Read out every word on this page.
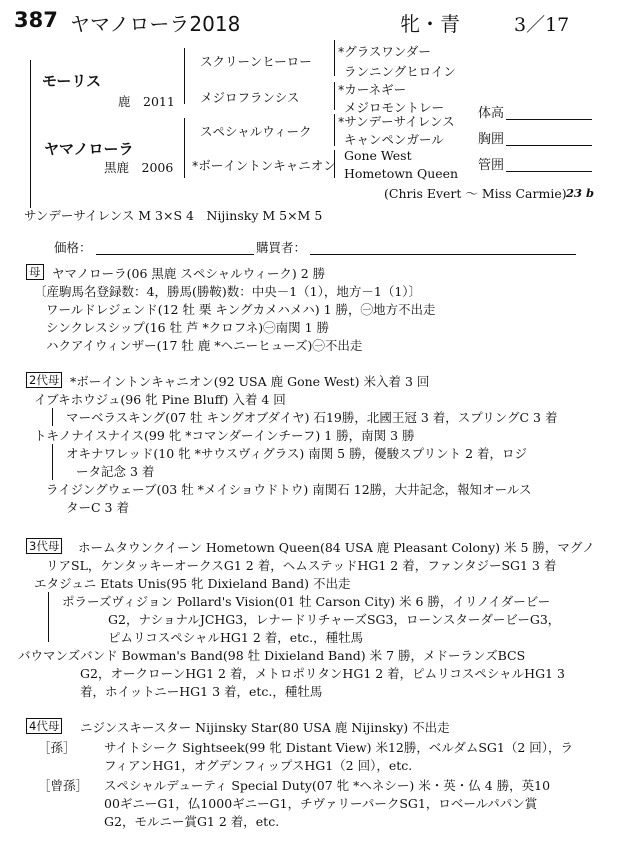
387 ヤマノローラ2018	牝・青	3／17
モーリス
鹿　2011
ヤマノローラ
黒鹿　2006
スクリーンヒーロー
メジロフランシス
スペシャルウィーク
*ボーイントンキャニオン
*グラスワンダー
ランニングヒロイン
*カーネギー
メジロモントレー
*サンデーサイレンス
キャンペンガール
Gone West
Hometown Queen
(Chris Evert ～ Miss Carmie) 23 b
体高
胸囲
管囲
サンデーサイレンス M 3×S 4　Nijinsky M 5×M 5
価格：	購買者：
母 ヤマノローラ(06 黒鹿 スペシャルウィーク) 2 勝
〔産駒馬名登録数：4，勝馬(勝鞍)数：中央－1（1），地方－1（1）〕
ワールドレジェンド(12 牡 栗 キングカメハメハ) 1 勝，㊀地方不出走
シンクレスシップ(16 牡 芦 *クロフネ)㊀南関 1 勝
ハクアイウィンザー(17 牡 鹿 *ヘニーヒューズ)㊀不出走
2代母 *ボーイントンキャニオン(92 USA 鹿 Gone West) 米入着 3 回
イブキホウジュ(96 牝 Pine Bluff) 入着 4 回
マーベラスキング(07 牡 キングオブダイヤ) 石19勝，北國王冠 3 着，スプリングC 3 着
トキノナイスナイス(99 牝 *コマンダーインチーフ) 1 勝，南関 3 勝
オキナワレッド(10 牝 *サウスヴィグラス) 南関 5 勝，優駿スプリント 2 着，ロジ
ータ記念 3 着
ライジングウェーブ(03 牡 *メイショウドトウ) 南関石 12勝，大井記念，報知オールス
ターC 3 着
3代母 ホームタウンクイーン Hometown Queen(84 USA 鹿 Pleasant Colony) 米 5 勝，マグノ
リアSL，ケンタッキーオークスG1 2 着，ヘムステッドHG1 2 着，ファンタジーSG1 3 着
エタジュニ Etats Unis(95 牝 Dixieland Band) 不出走
ポラーズヴィジョン Pollard's Vision(01 牡 Carson City) 米 6 勝，イリノイダービー
G2，ナショナルJCHG3，レナードリチャーズSG3，ローンスターダービーG3，
ピムリコスペシャルHG1 2 着，etc.，種牡馬
バウマンズバンド Bowman's Band(98 牡 Dixieland Band) 米 7 勝，メドーランズBCS
G2，オークローンHG1 2 着，メトロポリタンHG1 2 着，ピムリコスペシャルHG1 3
着，ホイットニーHG1 3 着，etc.，種牡馬
4代母 ニジンスキースター Nijinsky Star(80 USA 鹿 Nijinsky) 不出走
［孫］ サイトシーク Sightseek(99 牝 Distant View) 米12勝，ベルダムSG1（2 回），ラ
フィアンHG1，オグデンフィップスHG1（2 回），etc.
［曾孫］ スペシャルデューティ Special Duty(07 牝 *ヘネシー) 米・英・仏 4 勝，英10
00ギニーG1，仏1000ギニーG1，チヴァリーパークSG1，ロベールパパン賞
G2，モルニー賞G1 2 着，etc.
